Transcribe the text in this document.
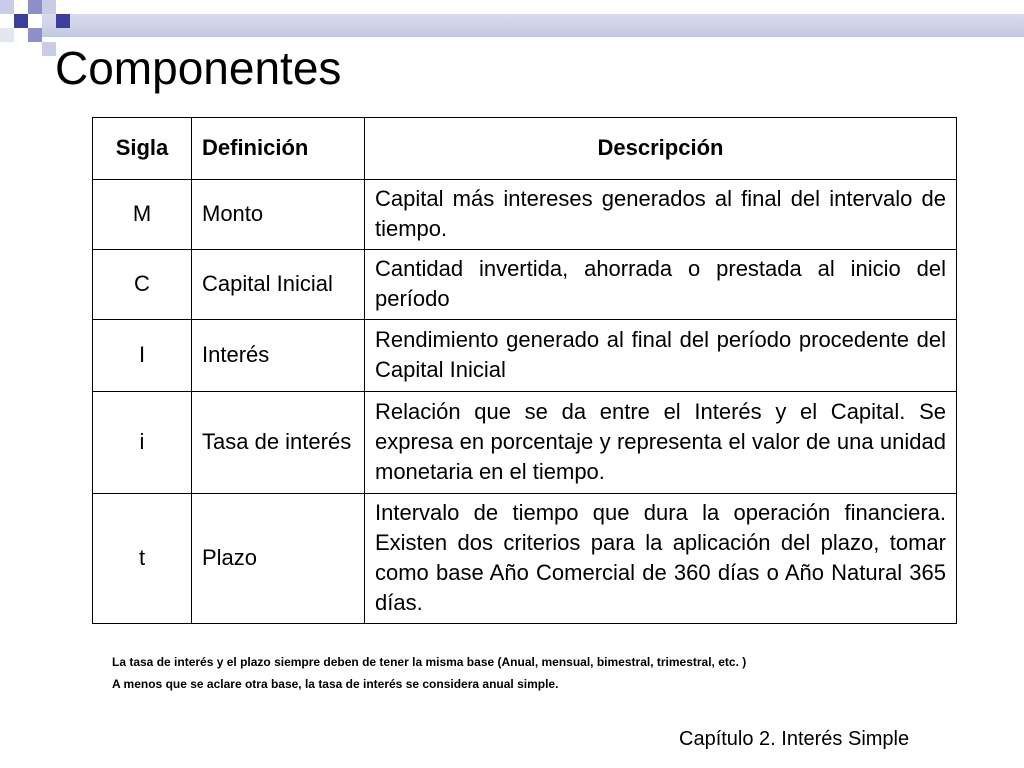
Componentes
Sigla	Definición	Descripción
M	Monto	Capital más intereses generados al final del intervalo de tiempo.
C	Capital Inicial	Cantidad invertida, ahorrada o prestada al inicio del período
I	Interés	Rendimiento generado al final del período procedente del Capital Inicial
i	Tasa de interés	Relación que se da entre el Interés y el Capital. Se expresa en porcentaje y representa el valor de una unidad monetaria en el tiempo.
t	Plazo	Intervalo de tiempo que dura la operación financiera. Existen dos criterios para la aplicación del plazo, tomar como base Año Comercial de 360 días o Año Natural 365 días.
La tasa de interés y el plazo siempre deben de tener la misma base (Anual, mensual, bimestral, trimestral, etc. )
A menos que se aclare otra base, la tasa de interés se considera anual simple.
Capítulo 2. Interés Simple
